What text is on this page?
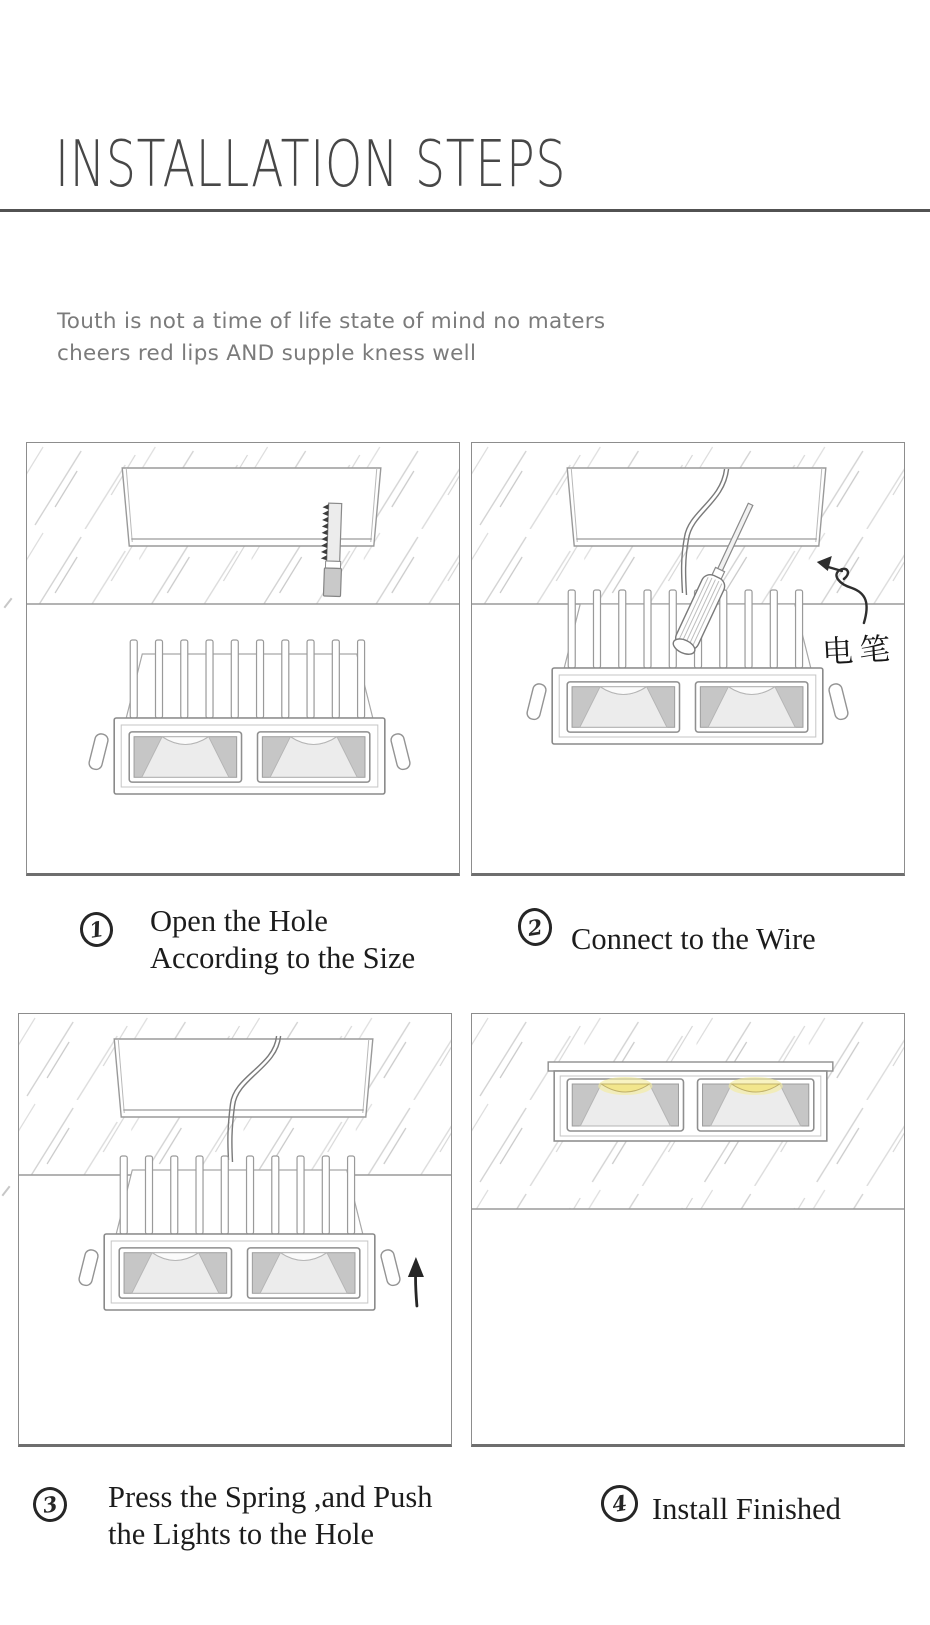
INSTALLATION STEPS
Touth is not a time of life state of mind no maters
cheers red lips AND supple kness well
电笔
1 Open the Hole
According to the Size
2 Connect to the Wire
3 Press the Spring ,and Push
the Lights to the Hole
4 Install Finished
